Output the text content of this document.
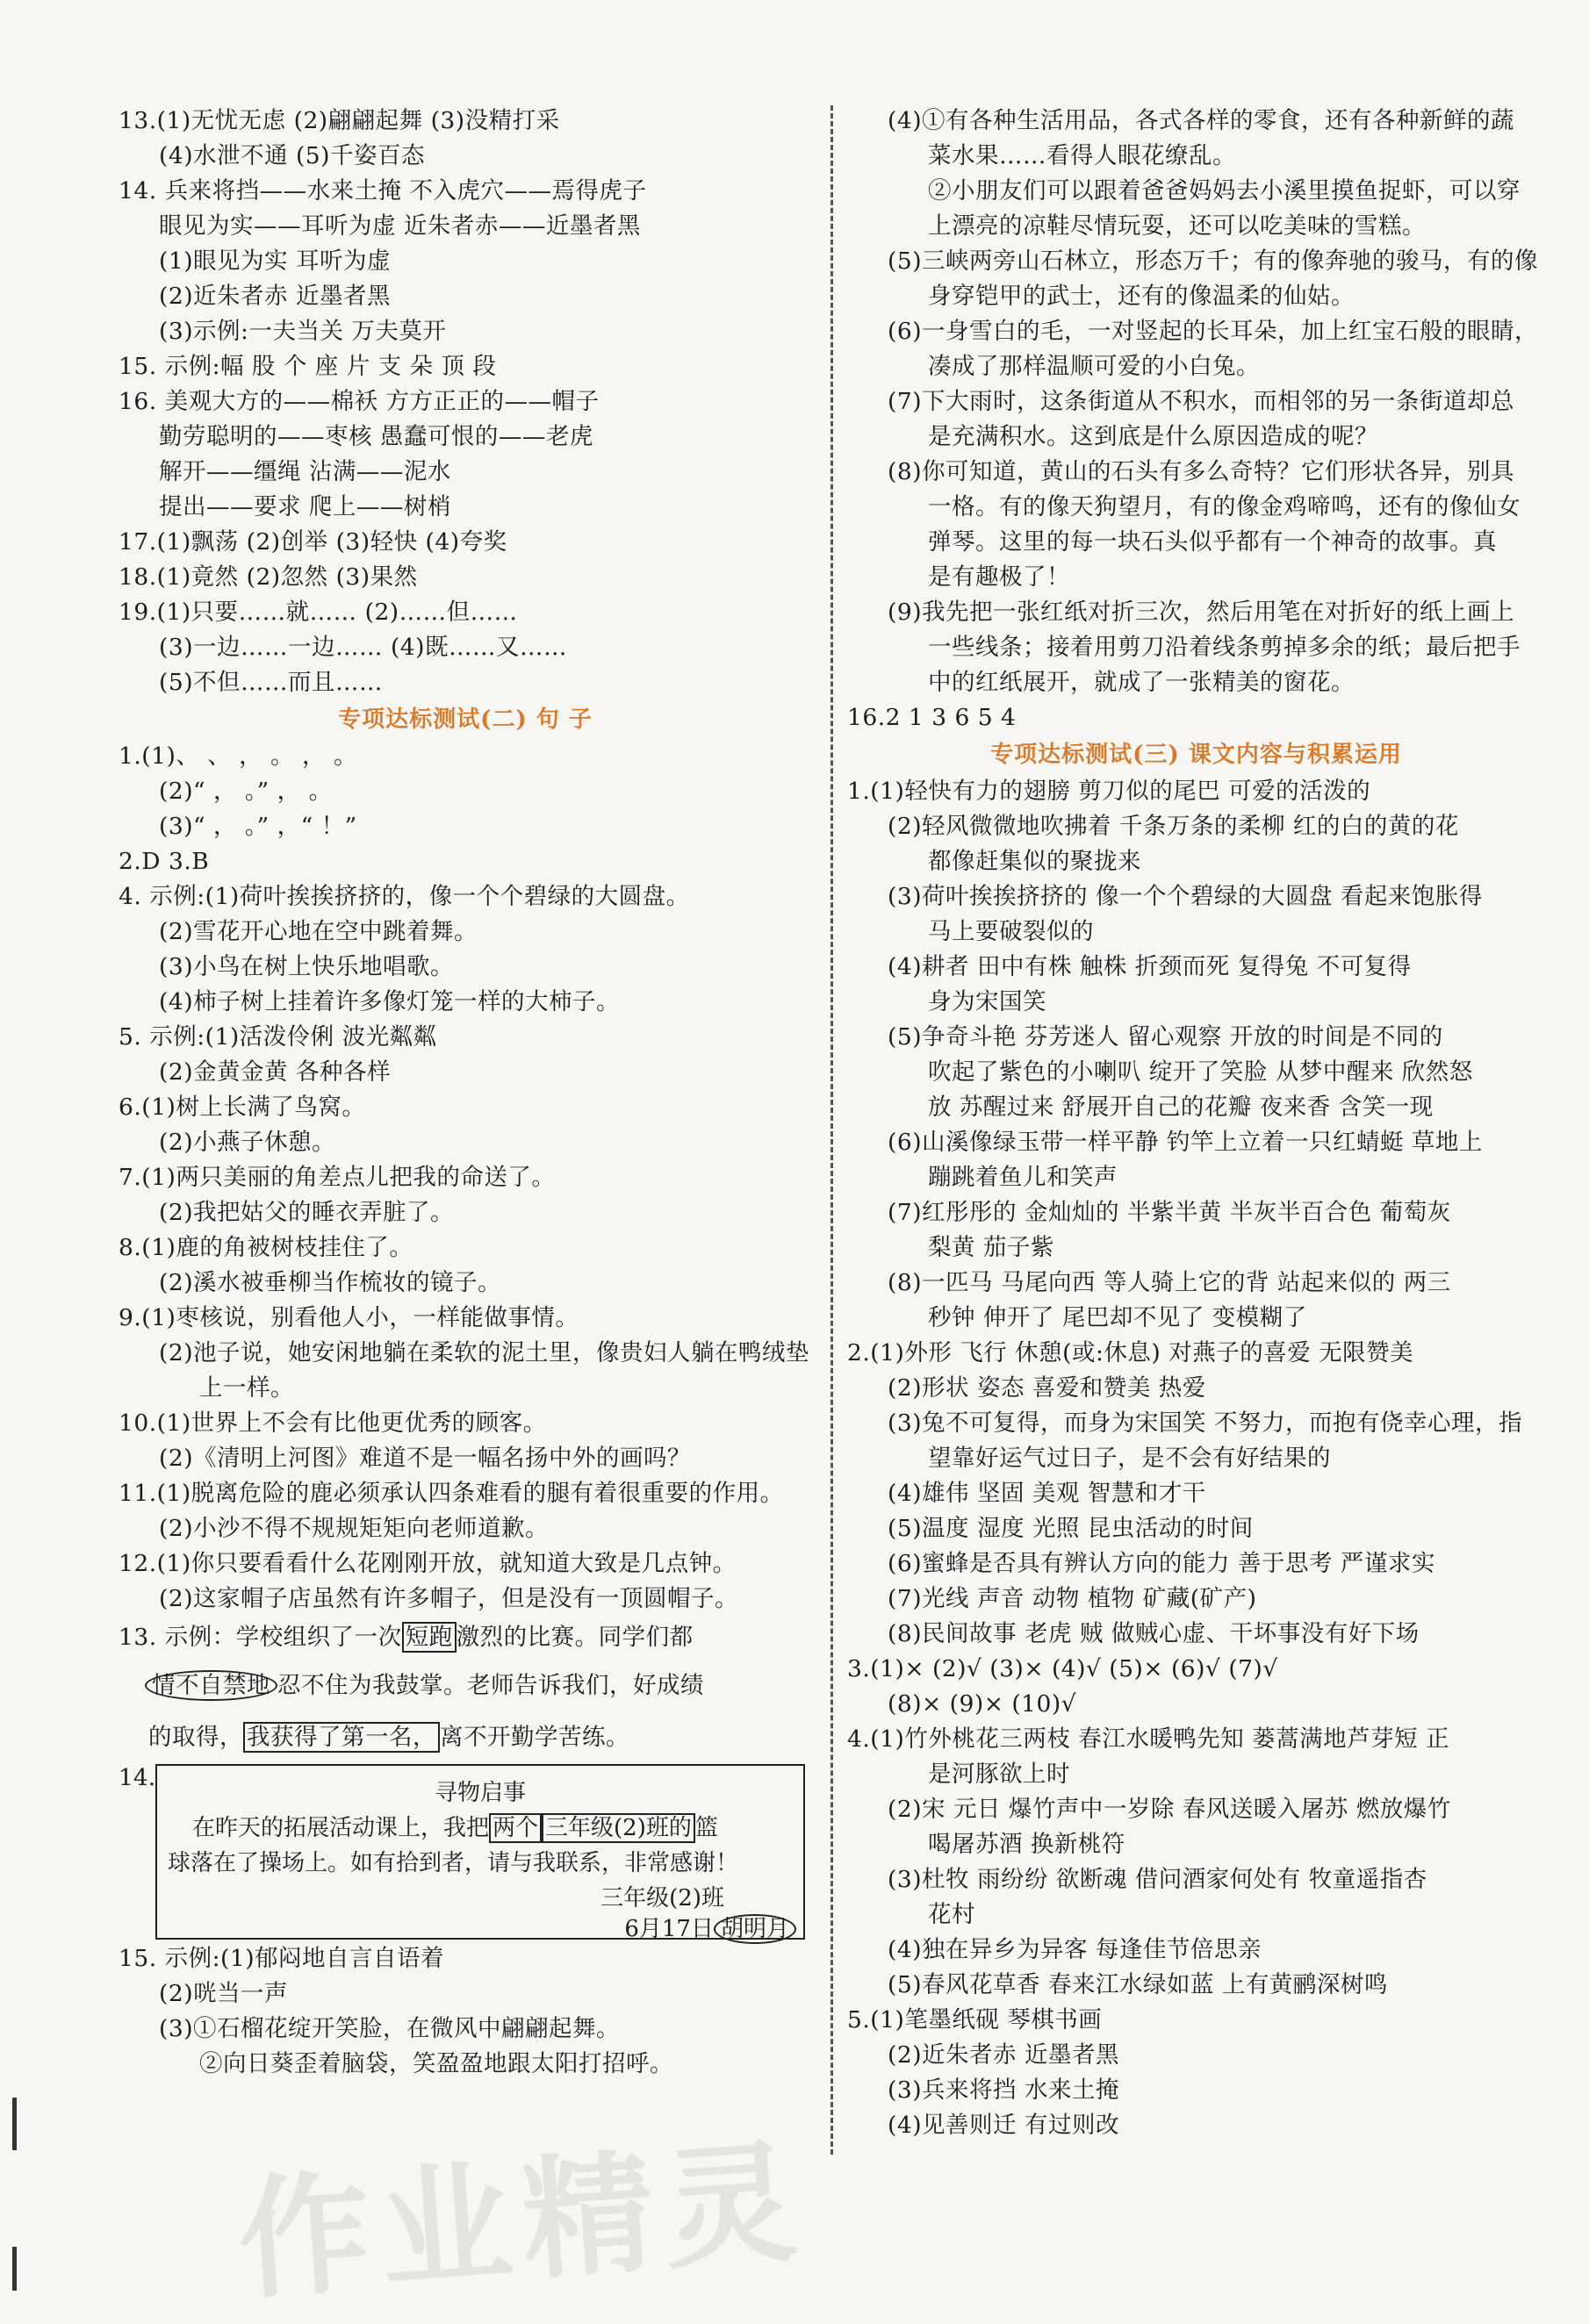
13.(1)无忧无虑 (2)翩翩起舞 (3)没精打采
(4)水泄不通 (5)千姿百态
14. 兵来将挡——水来土掩 不入虎穴——焉得虎子
眼见为实——耳听为虚 近朱者赤——近墨者黑
(1)眼见为实 耳听为虚
(2)近朱者赤 近墨者黑
(3)示例:一夫当关 万夫莫开
15. 示例:幅 股 个 座 片 支 朵 顶 段
16. 美观大方的——棉袄 方方正正的——帽子
勤劳聪明的——枣核 愚蠢可恨的——老虎
解开——缰绳 沾满——泥水
提出——要求 爬上——树梢
17.(1)飘荡 (2)创举 (3)轻快 (4)夸奖
18.(1)竟然 (2)忽然 (3)果然
19.(1)只要……就…… (2)……但……
(3)一边……一边…… (4)既……又……
(5)不但……而且……
专项达标测试(二) 句 子
1.(1)、 、 ， 。 ， 。
(2)“ ， 。” ， 。
(3)“ ， 。” ，“ ！”
2.D 3.B
4. 示例:(1)荷叶挨挨挤挤的，像一个个碧绿的大圆盘。
(2)雪花开心地在空中跳着舞。
(3)小鸟在树上快乐地唱歌。
(4)柿子树上挂着许多像灯笼一样的大柿子。
5. 示例:(1)活泼伶俐 波光粼粼
(2)金黄金黄 各种各样
6.(1)树上长满了鸟窝。
(2)小燕子休憩。
7.(1)两只美丽的角差点儿把我的命送了。
(2)我把姑父的睡衣弄脏了。
8.(1)鹿的角被树枝挂住了。
(2)溪水被垂柳当作梳妆的镜子。
9.(1)枣核说，别看他人小，一样能做事情。
(2)池子说，她安闲地躺在柔软的泥土里，像贵妇人躺在鸭绒垫
上一样。
10.(1)世界上不会有比他更优秀的顾客。
(2)《清明上河图》难道不是一幅名扬中外的画吗？
11.(1)脱离危险的鹿必须承认四条难看的腿有着很重要的作用。
(2)小沙不得不规规矩矩向老师道歉。
12.(1)你只要看看什么花刚刚开放，就知道大致是几点钟。
(2)这家帽子店虽然有许多帽子，但是没有一顶圆帽子。
13. 示例：学校组织了一次 短跑 激烈的比赛。同学们都
情不自禁地 忍不住为我鼓掌。老师告诉我们，好成绩
的取得， 我获得了第一名， 离不开勤学苦练。
14.
寻物启事
在昨天的拓展活动课上，我把 两个 三年级(2)班的 篮
球落在了操场上。如有拾到者，请与我联系，非常感谢！
三年级(2)班
6月17日 胡明月
15. 示例:(1)郁闷地自言自语着
(2)咣当一声
(3)①石榴花绽开笑脸，在微风中翩翩起舞。
②向日葵歪着脑袋，笑盈盈地跟太阳打招呼。
(4)①有各种生活用品，各式各样的零食，还有各种新鲜的蔬
菜水果……看得人眼花缭乱。
②小朋友们可以跟着爸爸妈妈去小溪里摸鱼捉虾，可以穿
上漂亮的凉鞋尽情玩耍，还可以吃美味的雪糕。
(5)三峡两旁山石林立，形态万千；有的像奔驰的骏马，有的像
身穿铠甲的武士，还有的像温柔的仙姑。
(6)一身雪白的毛，一对竖起的长耳朵，加上红宝石般的眼睛，
凑成了那样温顺可爱的小白兔。
(7)下大雨时，这条街道从不积水，而相邻的另一条街道却总
是充满积水。这到底是什么原因造成的呢？
(8)你可知道，黄山的石头有多么奇特？它们形状各异，别具
一格。有的像天狗望月，有的像金鸡啼鸣，还有的像仙女
弹琴。这里的每一块石头似乎都有一个神奇的故事。真
是有趣极了！
(9)我先把一张红纸对折三次，然后用笔在对折好的纸上画上
一些线条；接着用剪刀沿着线条剪掉多余的纸；最后把手
中的红纸展开，就成了一张精美的窗花。
16.2 1 3 6 5 4
专项达标测试(三) 课文内容与积累运用
1.(1)轻快有力的翅膀 剪刀似的尾巴 可爱的活泼的
(2)轻风微微地吹拂着 千条万条的柔柳 红的白的黄的花
都像赶集似的聚拢来
(3)荷叶挨挨挤挤的 像一个个碧绿的大圆盘 看起来饱胀得
马上要破裂似的
(4)耕者 田中有株 触株 折颈而死 复得兔 不可复得
身为宋国笑
(5)争奇斗艳 芬芳迷人 留心观察 开放的时间是不同的
吹起了紫色的小喇叭 绽开了笑脸 从梦中醒来 欣然怒
放 苏醒过来 舒展开自己的花瓣 夜来香 含笑一现
(6)山溪像绿玉带一样平静 钓竿上立着一只红蜻蜓 草地上
蹦跳着鱼儿和笑声
(7)红彤彤的 金灿灿的 半紫半黄 半灰半百合色 葡萄灰
梨黄 茄子紫
(8)一匹马 马尾向西 等人骑上它的背 站起来似的 两三
秒钟 伸开了 尾巴却不见了 变模糊了
2.(1)外形 飞行 休憩(或:休息) 对燕子的喜爱 无限赞美
(2)形状 姿态 喜爱和赞美 热爱
(3)兔不可复得，而身为宋国笑 不努力，而抱有侥幸心理，指
望靠好运气过日子，是不会有好结果的
(4)雄伟 坚固 美观 智慧和才干
(5)温度 湿度 光照 昆虫活动的时间
(6)蜜蜂是否具有辨认方向的能力 善于思考 严谨求实
(7)光线 声音 动物 植物 矿藏(矿产)
(8)民间故事 老虎 贼 做贼心虚、干坏事没有好下场
3.(1)× (2)√ (3)× (4)√ (5)× (6)√ (7)√
(8)× (9)× (10)√
4.(1)竹外桃花三两枝 春江水暖鸭先知 蒌蒿满地芦芽短 正
是河豚欲上时
(2)宋 元日 爆竹声中一岁除 春风送暖入屠苏 燃放爆竹
喝屠苏酒 换新桃符
(3)杜牧 雨纷纷 欲断魂 借问酒家何处有 牧童遥指杏
花村
(4)独在异乡为异客 每逢佳节倍思亲
(5)春风花草香 春来江水绿如蓝 上有黄鹂深树鸣
5.(1)笔墨纸砚 琴棋书画
(2)近朱者赤 近墨者黑
(3)兵来将挡 水来土掩
(4)见善则迁 有过则改
作业精灵
